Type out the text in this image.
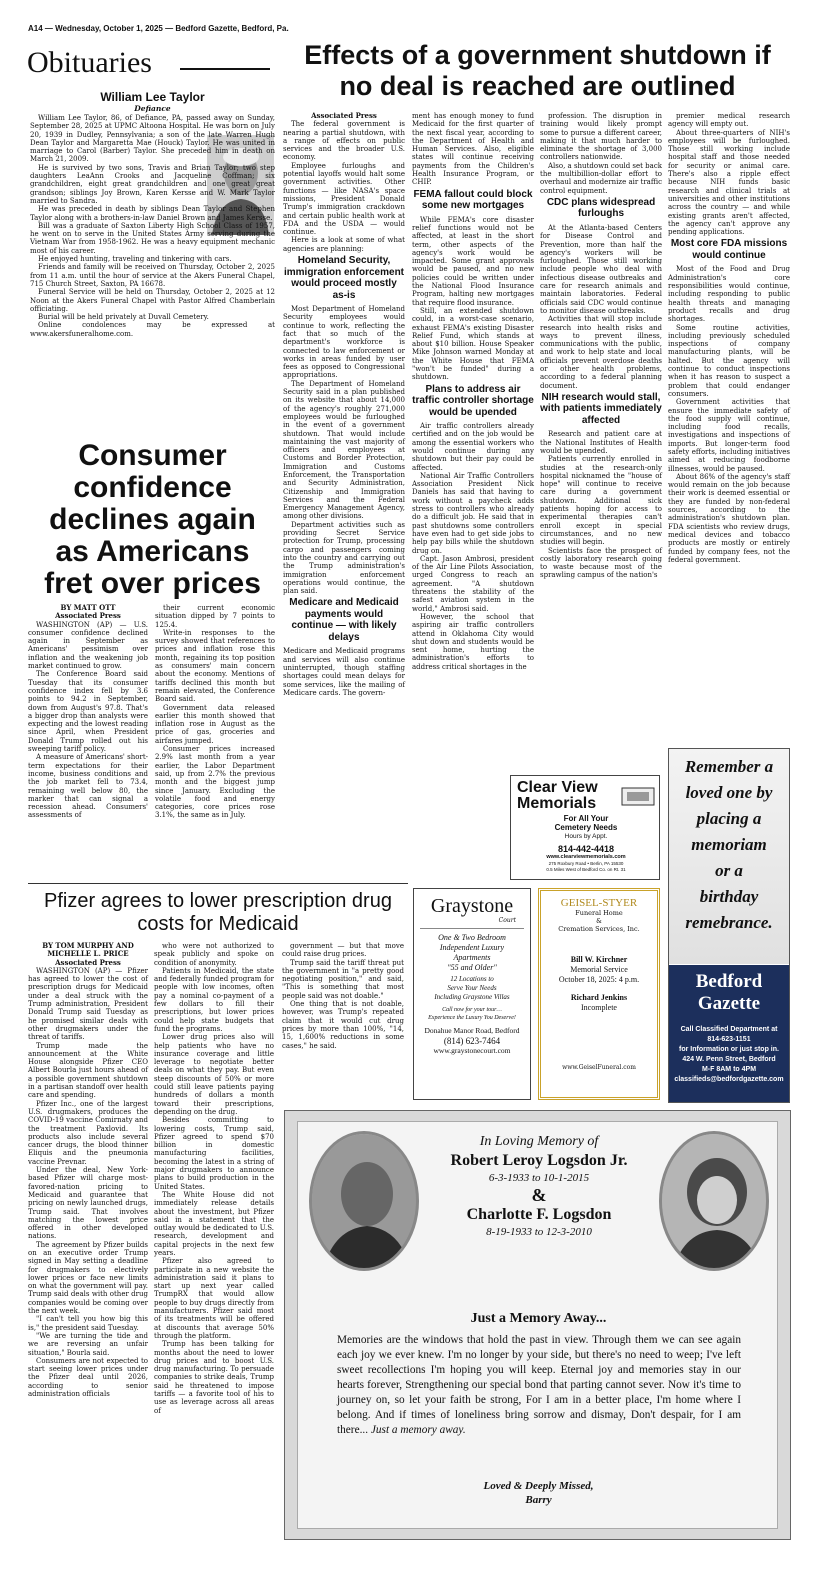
A14 — Wednesday, October 1, 2025 — Bedford Gazette, Bedford, Pa.
Obituaries	Effects of a government shutdown if no deal is reached are outlined
William Lee Taylor
Defiance

William Lee Taylor, 86, of Defiance, PA, passed away on Sunday, September 28, 2025 at UPMC Altoona Hospital. He was born on July 20, 1939 in Dudley, Pennsylvania; a son of the late Warren Hugh Dean Taylor and Margaretta Mae (Houck) Taylor. He was united in marriage to Carol (Barber) Taylor. She preceded him in death on March 21, 2009.

He is survived by two sons, Travis and Brian Taylor; two step daughters LeaAnn Crooks and Jacqueline Coffman; six grandchildren, eight great grandchildren and one great great grandson; siblings Joy Brown, Karen Kersse and W. Mark Taylor married to Sandra.

He was preceded in death by siblings Dean Taylor and Stephen Taylor along with a brothers-in-law Daniel Brown and James Kersse.

Bill was a graduate of Saxton Liberty High School Class of 1957, he went on to serve in the United States Army serving during the Vietnam War from 1958-1962. He was a heavy equipment mechanic most of his career.

He enjoyed hunting, traveling and tinkering with cars.

Friends and family will be received on Thursday, October 2, 2025 from 11 a.m. until the hour of service at the Akers Funeral Chapel, 715 Church Street, Saxton, PA 16678.

Funeral Service will be held on Thursday, October 2, 2025 at 12 Noon at the Akers Funeral Chapel with Pastor Alfred Chamberlain officiating.

Burial will be held privately at Duvall Cemetery.

Online condolences may be expressed at www.akersfuneralhome.com.

Associated Press

The federal government is nearing a partial shutdown, with a range of effects on public services and the broader U.S. economy.

Employee furloughs and potential layoffs would halt some government activities. Other functions — like NASA's space missions, President Donald Trump's immigration crackdown and certain public health work at FDA and the USDA — would continue.

Here is a look at some of what agencies are planning:

Homeland Security, immigration enforcement would proceed mostly as-is

Most Department of Homeland Security employees would continue to work, reflecting the fact that so much of the department's workforce is connected to law enforcement or works in areas funded by user fees as opposed to Congressional appropriations.

The Department of Homeland Security said in a plan published on its website that about 14,000 of the agency's roughly 271,000 employees would be furloughed in the event of a government shutdown. That would include maintaining the vast majority of officers and employees at Customs and Border Protection, Immigration and Customs Enforcement, the Transportation and Security Administration, Citizenship and Immigration Services and the Federal Emergency Management Agency, among other divisions.

Department activities such as providing Secret Service protection for Trump, processing cargo and passengers coming into the country and carrying out the Trump administration's immigration enforcement operations would continue, the plan said.

Medicare and Medicaid payments would continue — with likely delays
Medicare and Medicaid programs and services will also continue uninterrupted, though staffing shortages could mean delays for some services, like the mailing of Medicare cards. The govern-
ment has enough money to fund Medicaid for the first quarter of the next fiscal year, according to the Department of Health and Human Services. Also, eligible states will continue receiving payments from the Children's Health Insurance Program, or CHIP.
FEMA fallout could block some new mortgages

While FEMA's core disaster relief functions would not be affected, at least in the short term, other aspects of the agency's work would be impacted. Some grant approvals would be paused, and no new policies could be written under the National Flood Insurance Program, halting new mortgages that require flood insurance.

Still, an extended shutdown could, in a worst-case scenario, exhaust FEMA's existing Disaster Relief Fund, which stands at about $10 billion. House Speaker Mike Johnson warned Monday at the White House that FEMA "won't be funded" during a shutdown.

Plans to address air traffic controller shortage would be upended

Air traffic controllers already certified and on the job would be among the essential workers who would continue during any shutdown but their pay could be affected.

National Air Traffic Controllers Association President Nick Daniels has said that having to work without a paycheck adds stress to controllers who already do a difficult job. He said that in past shutdowns some controllers have even had to get side jobs to help pay bills while the shutdown drug on.

Capt. Jason Ambrosi, president of the Air Line Pilots Association, urged Congress to reach an agreement. "A shutdown threatens the stability of the safest aviation system in the world," Ambrosi said.

However, the school that aspiring air traffic controllers attend in Oklahoma City would shut down and students would be sent home, hurting the administration's efforts to address critical shortages in the

profession. The disruption in training would likely prompt some to pursue a different career, making it that much harder to eliminate the shortage of 3,000 controllers nationwide.

Also, a shutdown could set back the multibillion-dollar effort to overhaul and modernize air traffic control equipment.

CDC plans widespread furloughs

At the Atlanta-based Centers for Disease Control and Prevention, more than half the agency's workers will be furloughed. Those still working include people who deal with infectious disease outbreaks and care for research animals and maintain laboratories. Federal officials said CDC would continue to monitor disease outbreaks.

Activities that will stop include research into health risks and ways to prevent illness, communications with the public, and work to help state and local officials prevent overdose deaths or other health problems, according to a federal planning document.

NIH research would stall, with patients immediately affected

Research and patient care at the National Institutes of Health would be upended.

Patients currently enrolled in studies at the research-only hospital nicknamed the "house of hope" will continue to receive care during a government shutdown. Additional sick patients hoping for access to experimental therapies can't enroll except in special circumstances, and no new studies will begin.

Scientists face the prospect of costly laboratory research going to waste because most of the sprawling campus of the nation's

premier medical research agency will empty out.

About three-quarters of NIH's employees will be furloughed. Those still working include hospital staff and those needed for security or animal care. There's also a ripple effect because NIH funds basic research and clinical trials at universities and other institutions across the country — and while existing grants aren't affected, the agency can't approve any pending applications.

Most core FDA missions would continue

Most of the Food and Drug Administration's core responsibilities would continue, including responding to public health threats and managing product recalls and drug shortages.

Some routine activities, including previously scheduled inspections of company manufacturing plants, will be halted. But the agency will continue to conduct inspections when it has reason to suspect a problem that could endanger consumers.

Government activities that ensure the immediate safety of the food supply will continue, including food recalls, investigations and inspections of imports. But longer-term food safety efforts, including initiatives aimed at reducing foodborne illnesses, would be paused.

About 86% of the agency's staff would remain on the job because their work is deemed essential or they are funded by non-federal sources, according to the administration's shutdown plan. FDA scientists who review drugs, medical devices and tobacco products are mostly or entirely funded by company fees, not the federal government.

Consumer confidence declines again as Americans fret over prices
BY MATT OTT
Associated Press

WASHINGTON (AP) — U.S. consumer confidence declined again in September as Americans' pessimism over inflation and the weakening job market continued to grow.

The Conference Board said Tuesday that its consumer confidence index fell by 3.6 points to 94.2 in September, down from August's 97.8. That's a bigger drop than analysts were expecting and the lowest reading since April, when President Donald Trump rolled out his sweeping tariff policy.

A measure of Americans' short-term expectations for their income, business conditions and the job market fell to 73.4, remaining well below 80, the marker that can signal a recession ahead. Consumers' assessments of

their current economic situation dipped by 7 points to 125.4.

Write-in responses to the survey showed that references to prices and inflation rose this month, regaining its top position as consumers' main concern about the economy. Mentions of tariffs declined this month but remain elevated, the Conference Board said.

Government data released earlier this month showed that inflation rose in August as the price of gas, groceries and airfares jumped.

Consumer prices increased 2.9% last month from a year earlier, the Labor Department said, up from 2.7% the previous month and the biggest jump since January. Excluding the volatile food and energy categories, core prices rose 3.1%, the same as in July.

Clear View
Memorials
For All Your
Cemetery Needs
Hours by Appt.
814-442-4418
www.clearviewmemorials.com
275 Roxbury Road • Berlin, PA 15530
0.5 Miles West of Bedford Co. on Rt. 31
Remember a
loved one by
placing a
memoriam
or a
birthday
remebrance.
Bedford
Gazette
Call Classified Department at
814-623-1151
for Information or just stop in.
424 W. Penn Street, Bedford
M-F 8AM to 4PM
classifieds@bedfordgazette.com
Pfizer agrees to lower prescription drug costs for Medicaid
BY TOM MURPHY AND MICHELLE L. PRICE
Associated Press

WASHINGTON (AP) — Pfizer has agreed to lower the cost of prescription drugs for Medicaid under a deal struck with the Trump administration, President Donald Trump said Tuesday as he promised similar deals with other drugmakers under the threat of tariffs.

Trump made the announcement at the White House alongside Pfizer CEO Albert Bourla just hours ahead of a possible government shutdown in a partisan standoff over health care and spending.

Pfizer Inc., one of the largest U.S. drugmakers, produces the COVID-19 vaccine Comirnaty and the treatment Paxlovid. Its products also include several cancer drugs, the blood thinner Eliquis and the pneumonia vaccine Prevnar.

Under the deal, New York-based Pfizer will charge most-favored-nation pricing to Medicaid and guarantee that pricing on newly launched drugs, Trump said. That involves matching the lowest price offered in other developed nations.

The agreement by Pfizer builds on an executive order Trump signed in May setting a deadline for drugmakers to electively lower prices or face new limits on what the government will pay. Trump said deals with other drug companies would be coming over the next week.

"I can't tell you how big this is," the president said Tuesday.

"We are turning the tide and we are reversing an unfair situation," Bourla said.

Consumers are not expected to start seeing lower prices under the Pfizer deal until 2026, according to senior administration officials

who were not authorized to speak publicly and spoke on condition of anonymity.

Patients in Medicaid, the state and federally funded program for people with low incomes, often pay a nominal co-payment of a few dollars to fill their prescriptions, but lower prices could help state budgets that fund the programs.

Lower drug prices also will help patients who have no insurance coverage and little leverage to negotiate better deals on what they pay. But even steep discounts of 50% or more could still leave patients paying hundreds of dollars a month toward their prescriptions, depending on the drug.

Besides committing to lowering costs, Trump said, Pfizer agreed to spend $70 billion in domestic manufacturing facilities, becoming the latest in a string of major drugmakers to announce plans to build production in the United States.

The White House did not immediately release details about the investment, but Pfizer said in a statement that the outlay would be dedicated to U.S. research, development and capital projects in the next few years.

Pfizer also agreed to participate in a new website the administration said it plans to start up next year called TrumpRX that would allow people to buy drugs directly from manufacturers. Pfizer said most of its treatments will be offered at discounts that average 50% through the platform.

Trump has been talking for months about the need to lower drug prices and to boost U.S. drug manufacturing. To persuade companies to strike deals, Trump said he threatened to impose tariffs — a favorite tool of his to use as leverage across all areas of

government — but that move could raise drug prices.

Trump said the tariff threat put the government in "a pretty good negotiating position," and said, "This is something that most people said was not doable."

One thing that is not doable, however, was Trump's repeated claim that it would cut drug prices by more than 100%, "14, 15, 1,600% reductions in some cases," he said.

Graystone
Court
One & Two Bedroom
Independent Luxury
Apartments
"55 and Older"
12 Locations to
Serve Your Needs
Including Graystone Villas
Call now for your tour…
Experience the Luxury You Deserve!
Donahue Manor Road, Bedford
(814) 623-7464
www.graystonecourt.com
GEISEL-STYER
Funeral Home
&
Cremation Services, Inc.
Bill W. Kirchner
Memorial Service
October 18, 2025: 4 p.m.
Richard Jenkins
Incomplete
www.GeiselFuneral.com
In Loving Memory of
Robert Leroy Logsdon Jr.
6-3-1933 to 10-1-2015
&
Charlotte F. Logsdon
8-19-1933 to 12-3-2010
Just a Memory Away...
Memories are the windows that hold the past in view. Through them we can see again each joy we ever knew. I'm no longer by your side, but there's no need to weep; I've left sweet recollections I'm hoping you will keep. Eternal joy and memories stay in our hearts forever, Strengthening our special bond that parting cannot sever. Now it's time to journey on, so let your faith be strong, For I am in a better place, I'm home where I belong. And if times of loneliness bring sorrow and dismay, Don't despair, for I am there... Just a memory away.
Loved & Deeply Missed,
Barry
